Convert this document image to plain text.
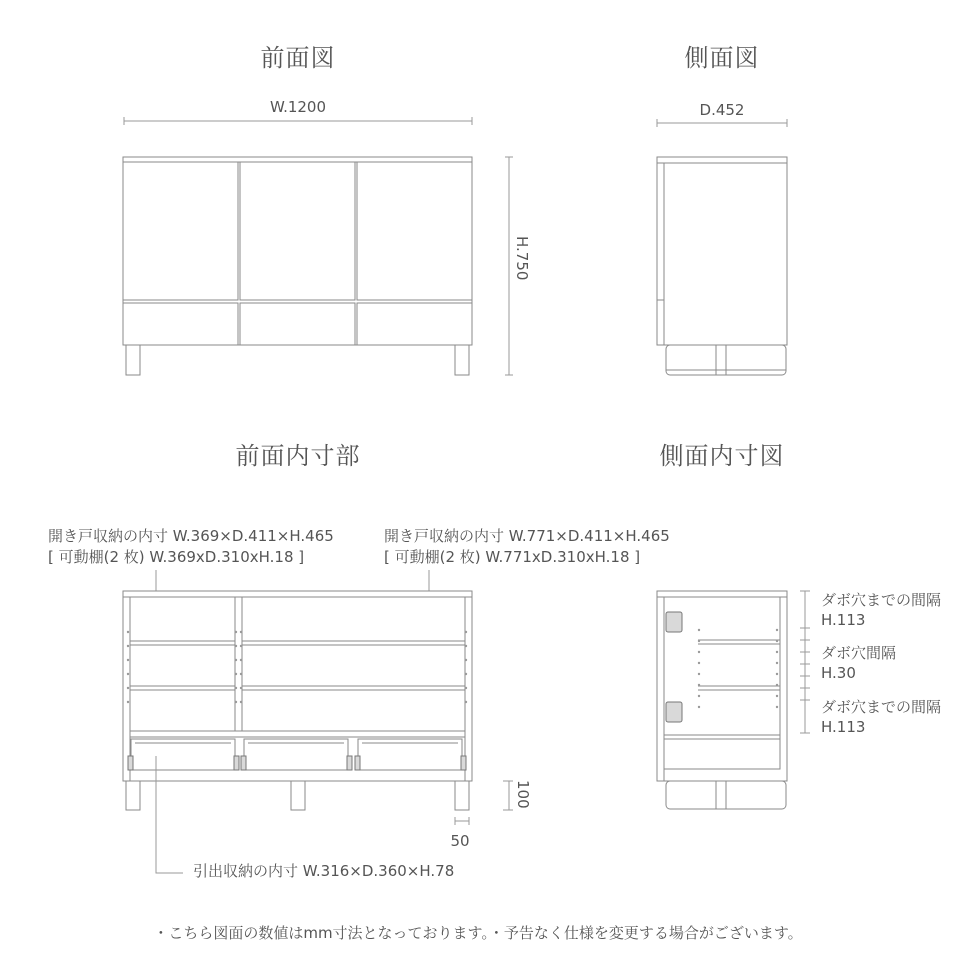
前面図	側面図
前面内寸部	側面内寸図
W.1200
H.750
D.452
開き戸収納の内寸 W.369×D.411×H.465
[ 可動棚(2 枚) W.369xD.310xH.18 ]
開き戸収納の内寸 W.771×D.411×H.465
[ 可動棚(2 枚) W.771xD.310xH.18 ]
100
50
引出収納の内寸 W.316×D.360×H.78
ダボ穴までの間隔
H.113
ダボ穴間隔
H.30
ダボ穴までの間隔
H.113
・こちら図面の数値はmm寸法となっております。・予告なく仕様を変更する場合がございます。
